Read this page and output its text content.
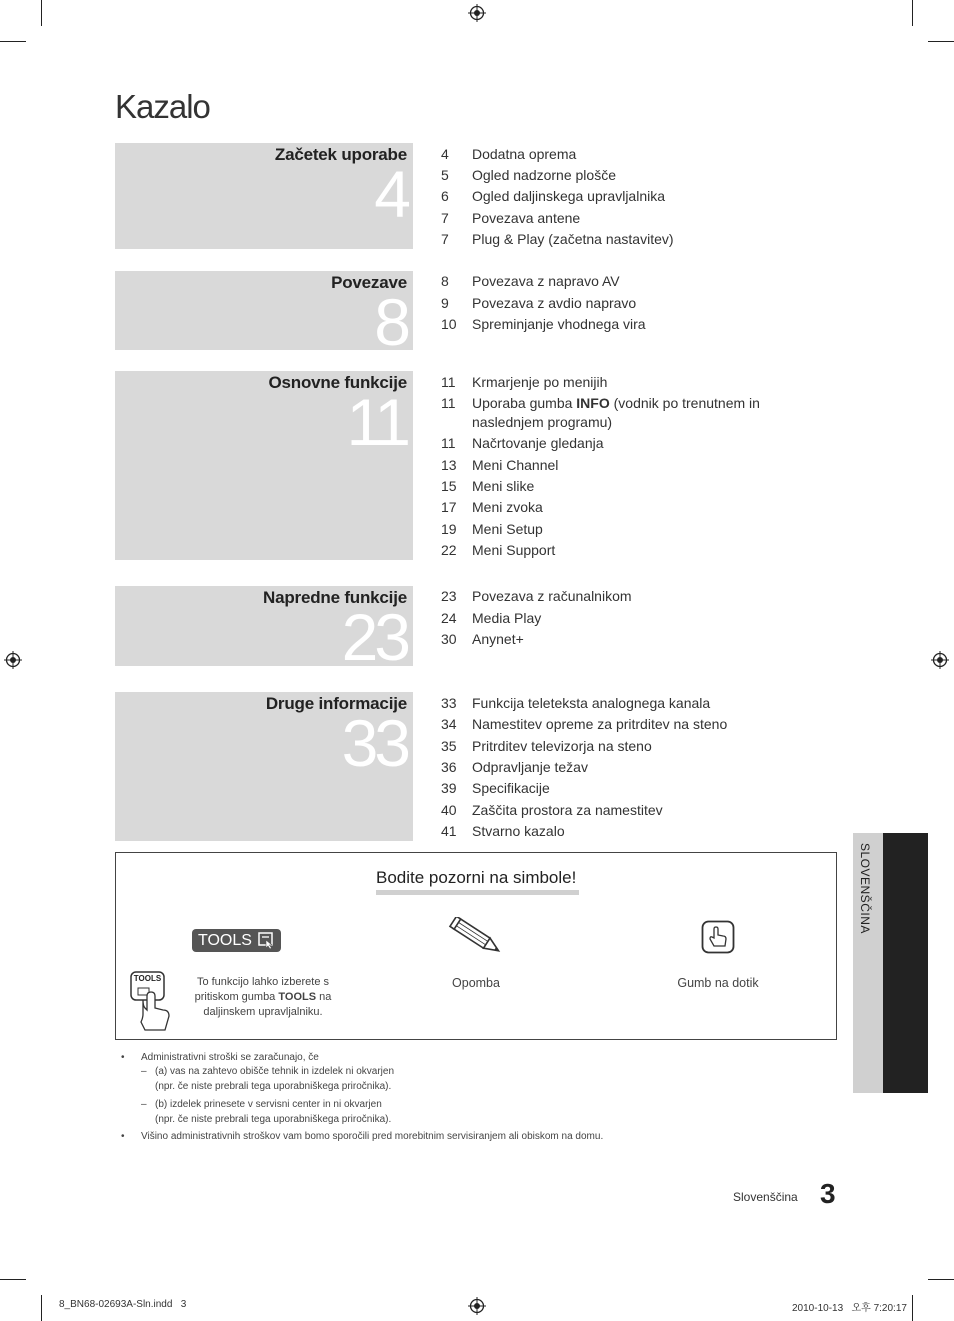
Kazalo
Začetek uporabe
4
4 Dodatna oprema
5 Ogled nadzorne plošče
6 Ogled daljinskega upravljalnika
7 Povezava antene
7 Plug & Play (začetna nastavitev)
Povezave
8
8 Povezava z napravo AV
9 Povezava z avdio napravo
10 Spreminjanje vhodnega vira
Osnovne funkcije
11
11 Krmarjenje po menijih
11 Uporaba gumba INFO (vodnik po trenutnem in naslednjem programu)
11 Načrtovanje gledanja
13 Meni Channel
15 Meni slike
17 Meni zvoka
19 Meni Setup
22 Meni Support
Napredne funkcije
23
23 Povezava z računalnikom
24 Media Play
30 Anynet+
Druge informacije
33
33 Funkcija teleteksta analognega kanala
34 Namestitev opreme za pritrditev na steno
35 Pritrditev televizorja na steno
36 Odpravljanje težav
39 Specifikacije
40 Zaščita prostora za namestitev
41 Stvarno kazalo
SLOVENŠČINA
Bodite pozorni na simbole!
TOOLS
TOOLS	To funkcijo lahko izberete s pritiskom gumba TOOLS na daljinskem upravljalniku.
Opomba	Gumb na dotik
• Administrativni stroški se zaračunajo, če
– (a) vas na zahtevo obišče tehnik in izdelek ni okvarjen
(npr. če niste prebrali tega uporabniškega priročnika).
– (b) izdelek prinesete v servisni center in ni okvarjen
(npr. če niste prebrali tega uporabniškega priročnika).
• Višino administrativnih stroškov vam bomo sporočili pred morebitnim servisiranjem ali obiskom na domu.
Slovenščina 3
8_BN68-02693A-Sln.indd   3	2010-10-13   오후 7:20:17
